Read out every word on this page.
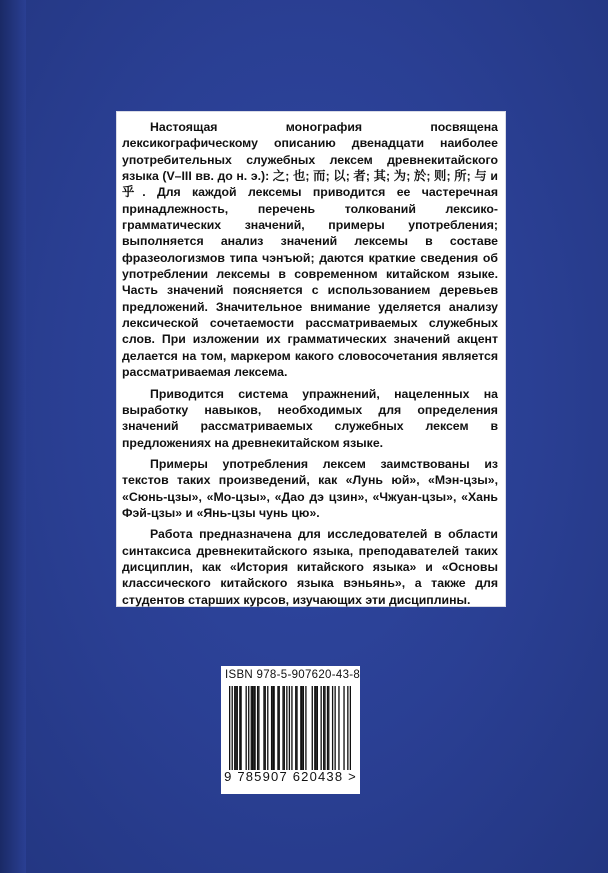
Настоящая монография посвящена лексикографическому описанию двенадцати наиболее употребительных служебных лексем древнекитайского языка (V–III вв. до н. э.): 之; 也; 而; 以; 者; 其; 为; 於; 则; 所; 与 и 乎. Для каждой лексемы приводится ее частеречная принадлежность, перечень толкований лексико-грамматических значений, примеры употребления; выполняется анализ значений лексемы в составе фразеологизмов типа чэнъюй; даются краткие сведения об употреблении лексемы в современном китайском языке. Часть значений поясняется с использованием деревьев предложений. Значительное внимание уделяется анализу лексической сочетаемости рассматриваемых служебных слов. При изложении их грамматических значений акцент делается на том, маркером какого словосочетания является рассматриваемая лексема.

Приводится система упражнений, нацеленных на выработку навыков, необходимых для определения значений рассматриваемых служебных лексем в предложениях на древнекитайском языке.

Примеры употребления лексем заимствованы из текстов таких произведений, как «Лунь юй», «Мэн-цзы», «Сюнь-цзы», «Мо-цзы», «Дао дэ цзин», «Чжуан-цзы», «Хань Фэй-цзы» и «Янь-цзы чунь цю».

Работа предназначена для исследователей в области синтаксиса древнекитайского языка, преподавателей таких дисциплин, как «История китайского языка» и «Основы классического китайского языка вэньянь», а также для студентов старших курсов, изучающих эти дисциплины.

ISBN 978-5-907620-43-8
9 785907 620438 >
